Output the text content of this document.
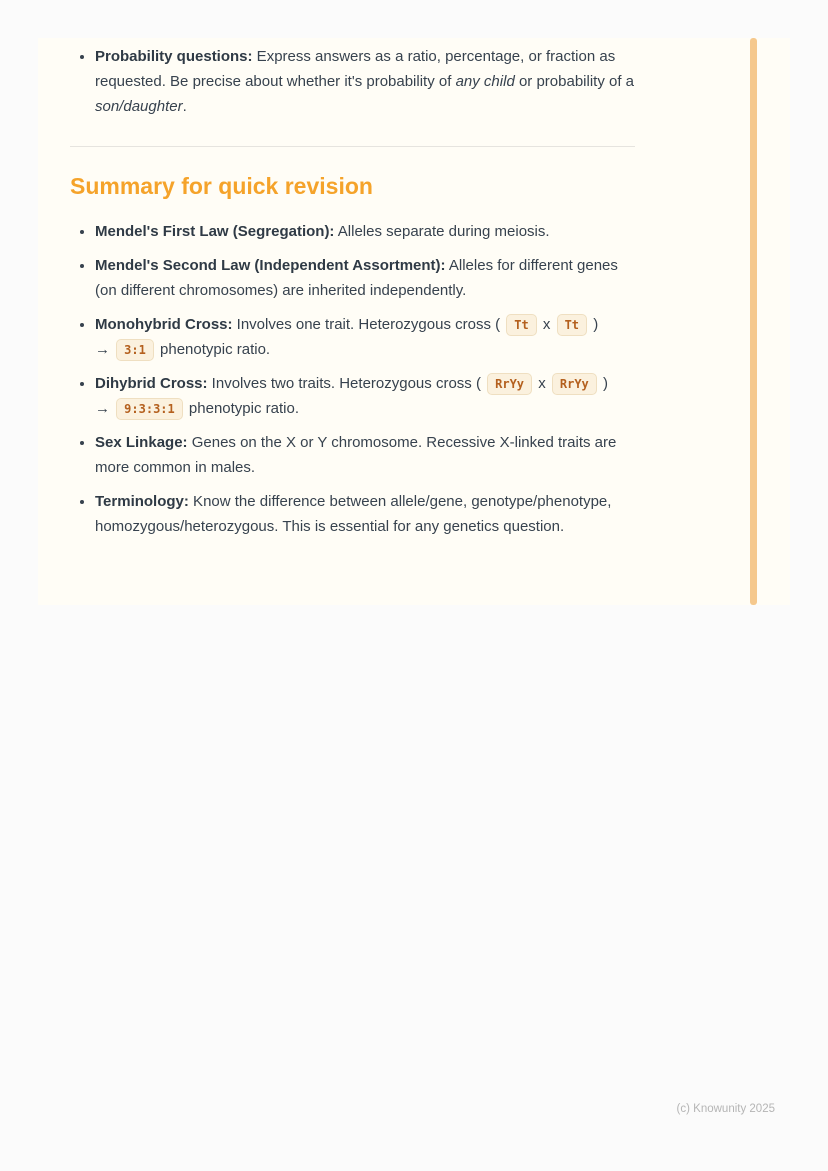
• Probability questions: Express answers as a ratio, percentage, or fraction as requested. Be precise about whether it's probability of any child or probability of a son/daughter.
Summary for quick revision
• Mendel's First Law (Segregation): Alleles separate during meiosis.
• Mendel's Second Law (Independent Assortment): Alleles for different genes (on different chromosomes) are inherited independently.
• Monohybrid Cross: Involves one trait. Heterozygous cross ( Tt x Tt )
→ 3:1 phenotypic ratio.
• Dihybrid Cross: Involves two traits. Heterozygous cross ( RrYy x RrYy )
→ 9:3:3:1 phenotypic ratio.
• Sex Linkage: Genes on the X or Y chromosome. Recessive X-linked traits are more common in males.
• Terminology: Know the difference between allele/gene, genotype/phenotype, homozygous/heterozygous. This is essential for any genetics question.
(c) Knowunity 2025
